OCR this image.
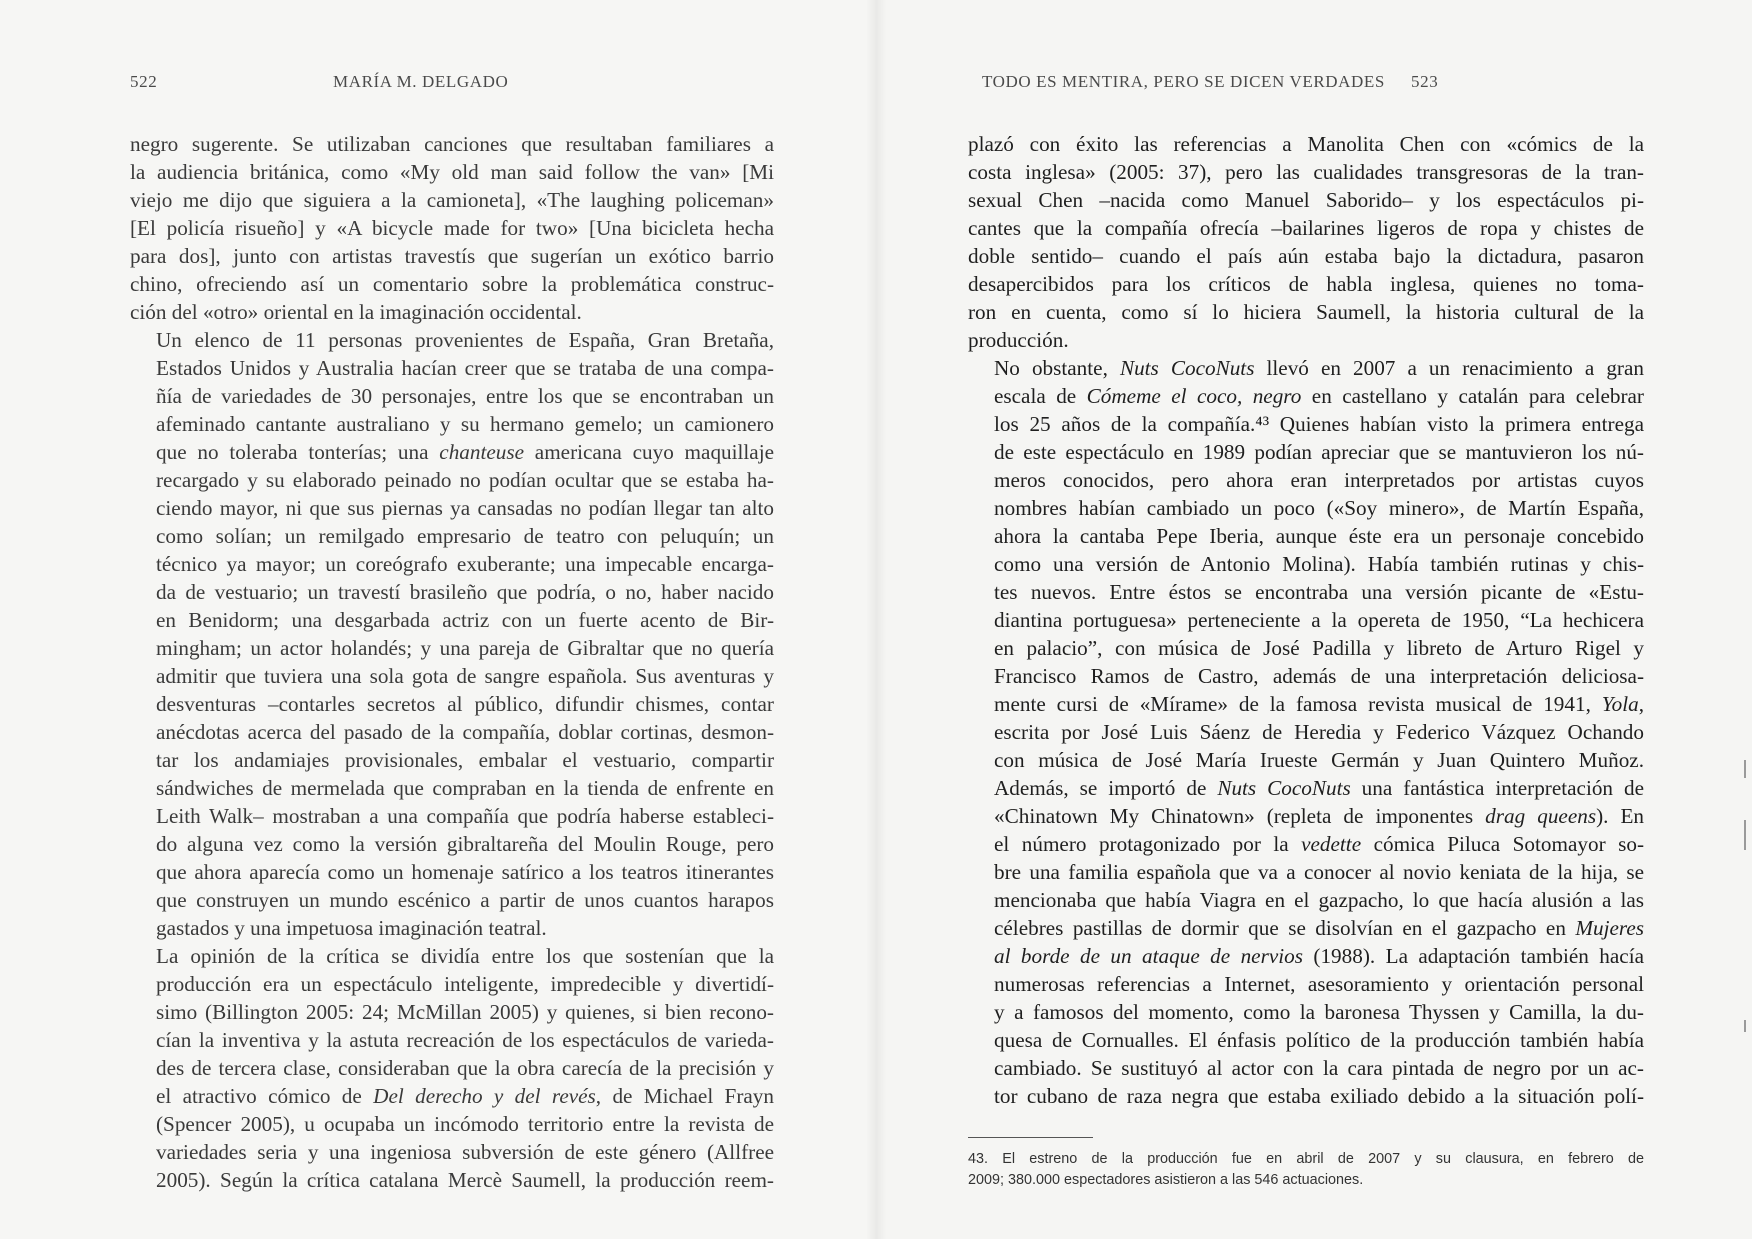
522	MARÍA M. DELGADO

negro sugerente. Se utilizaban canciones que resultaban familiares a
la audiencia británica, como «My old man said follow the van» [Mi
viejo me dijo que siguiera a la camioneta], «The laughing policeman»
[El policía risueño] y «A bicycle made for two» [Una bicicleta hecha
para dos], junto con artistas travestís que sugerían un exótico barrio
chino, ofreciendo así un comentario sobre la problemática construc-
ción del «otro» oriental en la imaginación occidental.

Un elenco de 11 personas provenientes de España, Gran Bretaña,
Estados Unidos y Australia hacían creer que se trataba de una compa-
ñía de variedades de 30 personajes, entre los que se encontraban un
afeminado cantante australiano y su hermano gemelo; un camionero
que no toleraba tonterías; una chanteuse americana cuyo maquillaje
recargado y su elaborado peinado no podían ocultar que se estaba ha-
ciendo mayor, ni que sus piernas ya cansadas no podían llegar tan alto
como solían; un remilgado empresario de teatro con peluquín; un
técnico ya mayor; un coreógrafo exuberante; una impecable encarga-
da de vestuario; un travestí brasileño que podría, o no, haber nacido
en Benidorm; una desgarbada actriz con un fuerte acento de Bir-
mingham; un actor holandés; y una pareja de Gibraltar que no quería
admitir que tuviera una sola gota de sangre española. Sus aventuras y
desventuras –contarles secretos al público, difundir chismes, contar
anécdotas acerca del pasado de la compañía, doblar cortinas, desmon-
tar los andamiajes provisionales, embalar el vestuario, compartir
sándwiches de mermelada que compraban en la tienda de enfrente en
Leith Walk– mostraban a una compañía que podría haberse estableci-
do alguna vez como la versión gibraltareña del Moulin Rouge, pero
que ahora aparecía como un homenaje satírico a los teatros itinerantes
que construyen un mundo escénico a partir de unos cuantos harapos
gastados y una impetuosa imaginación teatral.

La opinión de la crítica se dividía entre los que sostenían que la
producción era un espectáculo inteligente, impredecible y divertidí-
simo (Billington 2005: 24; McMillan 2005) y quienes, si bien recono-
cían la inventiva y la astuta recreación de los espectáculos de varieda-
des de tercera clase, consideraban que la obra carecía de la precisión y
el atractivo cómico de Del derecho y del revés, de Michael Frayn
(Spencer 2005), u ocupaba un incómodo territorio entre la revista de
variedades seria y una ingeniosa subversión de este género (Allfree
2005). Según la crítica catalana Mercè Saumell, la producción reem-

TODO ES MENTIRA, PERO SE DICEN VERDADES 523

plazó con éxito las referencias a Manolita Chen con «cómics de la
costa inglesa» (2005: 37), pero las cualidades transgresoras de la tran-
sexual Chen –nacida como Manuel Saborido– y los espectáculos pi-
cantes que la compañía ofrecía –bailarines ligeros de ropa y chistes de
doble sentido– cuando el país aún estaba bajo la dictadura, pasaron
desapercibidos para los críticos de habla inglesa, quienes no toma-
ron en cuenta, como sí lo hiciera Saumell, la historia cultural de la
producción.

No obstante, Nuts CocoNuts llevó en 2007 a un renacimiento a gran
escala de Cómeme el coco, negro en castellano y catalán para celebrar
los 25 años de la compañía.⁴³ Quienes habían visto la primera entrega
de este espectáculo en 1989 podían apreciar que se mantuvieron los nú-
meros conocidos, pero ahora eran interpretados por artistas cuyos
nombres habían cambiado un poco («Soy minero», de Martín España,
ahora la cantaba Pepe Iberia, aunque éste era un personaje concebido
como una versión de Antonio Molina). Había también rutinas y chis-
tes nuevos. Entre éstos se encontraba una versión picante de «Estu-
diantina portuguesa» perteneciente a la opereta de 1950, “La hechicera
en palacio”, con música de José Padilla y libreto de Arturo Rigel y
Francisco Ramos de Castro, además de una interpretación deliciosa-
mente cursi de «Mírame» de la famosa revista musical de 1941, Yola,
escrita por José Luis Sáenz de Heredia y Federico Vázquez Ochando
con música de José María Irueste Germán y Juan Quintero Muñoz.
Además, se importó de Nuts CocoNuts una fantástica interpretación de
«Chinatown My Chinatown» (repleta de imponentes drag queens). En
el número protagonizado por la vedette cómica Piluca Sotomayor so-
bre una familia española que va a conocer al novio keniata de la hija, se
mencionaba que había Viagra en el gazpacho, lo que hacía alusión a las
célebres pastillas de dormir que se disolvían en el gazpacho en Mujeres
al borde de un ataque de nervios (1988). La adaptación también hacía
numerosas referencias a Internet, asesoramiento y orientación personal
y a famosos del momento, como la baronesa Thyssen y Camilla, la du-
quesa de Cornualles. El énfasis político de la producción también había
cambiado. Se sustituyó al actor con la cara pintada de negro por un ac-
tor cubano de raza negra que estaba exiliado debido a la situación polí-

43. El estreno de la producción fue en abril de 2007 y su clausura, en febrero de
2009; 380.000 espectadores asistieron a las 546 actuaciones.
